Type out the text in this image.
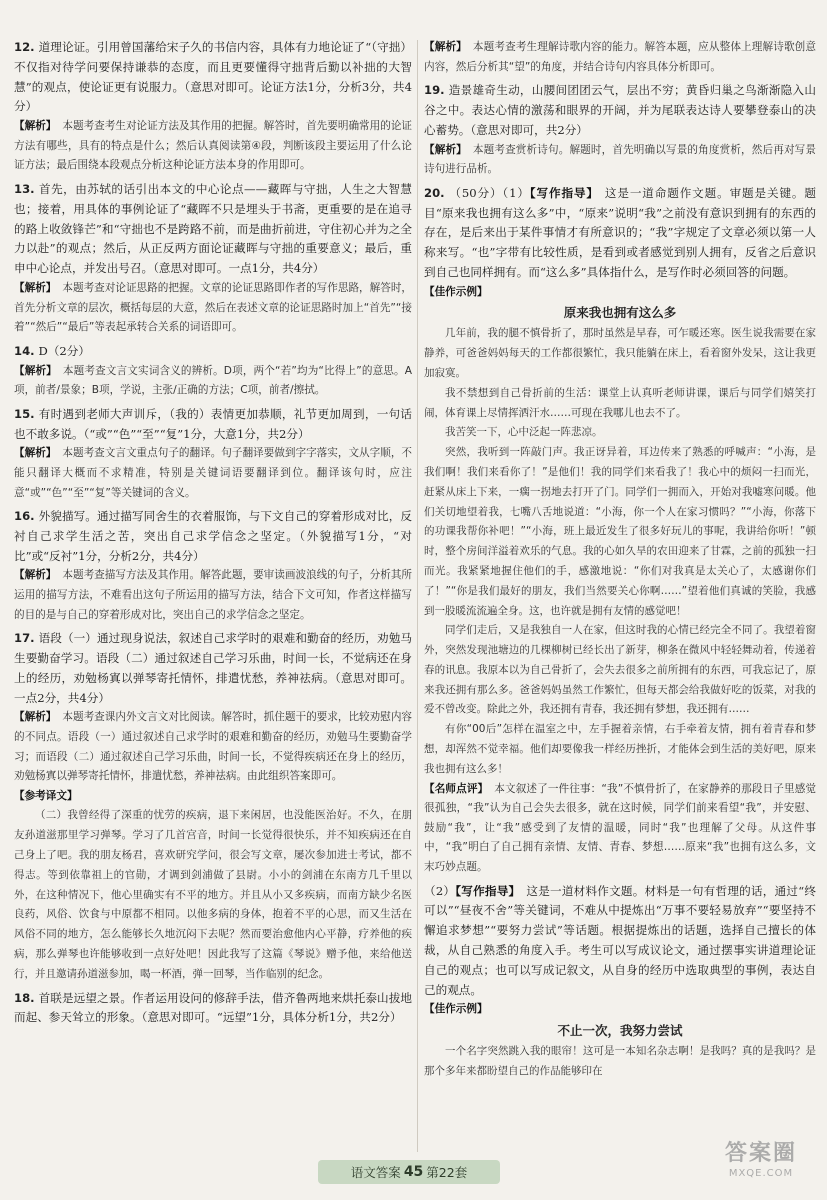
12. 道理论证。引用曾国藩给宋子久的书信内容，具体有力地论证了“（守拙）不仅指对待学问要保持谦恭的态度，而且更要懂得守拙背后勤以补拙的大智慧”的观点，使论证更有说服力。（意思对即可。论证方法1分，分析3分，共4分）

【解析】 本题考查考生对论证方法及其作用的把握。解答时，首先要明确常用的论证方法有哪些，具有的特点是什么；然后认真阅读第④段，判断该段主要运用了什么论证方法；最后围绕本段观点分析这种论证方法本身的作用即可。

13. 首先，由苏轼的话引出本文的中心论点——藏晖与守拙，人生之大智慧也；接着，用具体的事例论证了“藏晖不只是埋头于书斋，更重要的是在追寻的路上收敛锋芒”和“守拙也不是跨路不前，而是曲折前进，守住初心并为之全力以赴”的观点；然后，从正反两方面论证藏晖与守拙的重要意义；最后，重申中心论点，并发出号召。（意思对即可。一点1分，共4分）

【解析】 本题考查对论证思路的把握。文章的论证思路即作者的写作思路，解答时，首先分析文章的层次，概括每层的大意，然后在表述文章的论证思路时加上“首先”“接着”“然后”“最后”等表起承转合关系的词语即可。

14. D（2分）

【解析】 本题考查文言文实词含义的辨析。D项，两个“若”均为“比得上”的意思。A项，前者/景象；B项，学说，主张/正确的方法；C项，前者/擦拭。

15. 有时遇到老师大声训斥，（我的）表情更加恭顺，礼节更加周到，一句话也不敢多说。（“或”“色”“至”“复”1分，大意1分，共2分）

【解析】 本题考查文言文重点句子的翻译。句子翻译要做到字字落实，文从字顺，不能只翻译大概而不求精准，特别是关键词语要翻译到位。翻译该句时，应注意“或”“色”“至”“复”等关键词的含义。

16. 外貌描写。通过描写同舍生的衣着服饰，与下文自己的穿着形成对比，反衬自己求学生活之苦，突出自己求学信念之坚定。（外貌描写1分，“对比”或“反衬”1分，分析2分，共4分）

【解析】 本题考查描写方法及其作用。解答此题，要审读画波浪线的句子，分析其所运用的描写方法，不难看出这句子所运用的描写方法，结合下文可知，作者这样描写的目的是与自己的穿着形成对比，突出自己的求学信念之坚定。

17. 语段（一）通过现身说法，叙述自己求学时的艰难和勤奋的经历，劝勉马生要勤奋学习。语段（二）通过叙述自己学习乐曲，时间一长，不觉病还在身上的经历，劝勉杨寘以弹琴寄托情怀，排遣忧愁，养神祛病。（意思对即可。一点2分，共4分）

【解析】 本题考查课内外文言文对比阅读。解答时，抓住题干的要求，比较劝慰内容的不同点。语段（一）通过叙述自己求学时的艰难和勤奋的经历，劝勉马生要勤奋学习；而语段（二）通过叙述自己学习乐曲，时间一长，不觉得疾病还在身上的经历，劝勉杨寘以弹琴寄托情怀，排遣忧愁，养神祛病。由此组织答案即可。

【参考译文】

（二）我曾经得了深重的忧劳的疾病，退下来闲居，也没能医治好。不久，在朋友孙道滋那里学习弹琴。学习了几首宫音，时间一长觉得很快乐，并不知疾病还在自己身上了吧。我的朋友杨君，喜欢研究学问，很会写文章，屡次参加进士考试，都不得志。等到依靠祖上的官勋，才调到剑浦做了县尉。小小的剑浦在东南方几千里以外，在这种情况下，他心里确实有不平的地方。并且从小又多疾病，而南方缺少名医良药，风俗、饮食与中原都不相同。以他多病的身体，抱着不平的心思，而又生活在风俗不同的地方，怎么能够长久地沉闷下去呢？然而要治愈他内心平静，疗养他的疾病，那么弹琴也许能够收到一点好处吧！因此我写了这篇《琴说》赠予他，来给他送行，并且邀请孙道滋参加，喝一杯酒，弹一回琴，当作临别的纪念。

18. 首联是远望之景。作者运用设问的修辞手法，借齐鲁两地来烘托泰山拔地而起、参天耸立的形象。（意思对即可。“远望”1分，具体分析1分，共2分）

【解析】 本题考查考生理解诗歌内容的能力。解答本题，应从整体上理解诗歌创意内容，然后分析其“望”的角度，并结合诗句内容具体分析即可。

19. 造景雄奇生动，山腰间团团云气，层出不穷；黄昏归巢之鸟渐渐隐入山谷之中。表达心情的激荡和眼界的开阔，并为尾联表达诗人要攀登泰山的决心蓄势。（意思对即可，共2分）

【解析】 本题考查赏析诗句。解题时，首先明确以写景的角度赏析，然后再对写景诗句进行品析。

20. （50分）（1）【写作指导】 这是一道命题作文题。审题是关键。题目“原来我也拥有这么多”中，“原来”说明“我”之前没有意识到拥有的东西的存在，是后来出于某件事情才有所意识的；“我”字规定了文章必须以第一人称来写。“也”字带有比较性质，是看到或者感觉到别人拥有，反省之后意识到自己也同样拥有。而“这么多”具体指什么，是写作时必须回答的问题。

【佳作示例】

原来我也拥有这么多

几年前，我的腿不慎骨折了，那时虽然是早春，可乍暖还寒。医生说我需要在家静养，可爸爸妈妈每天的工作都很繁忙，我只能躺在床上，看着窗外发呆，这让我更加寂寞。

我不禁想到自己骨折前的生活：课堂上认真听老师讲课，课后与同学们嬉笑打闹，体育课上尽情挥洒汗水……可现在我哪儿也去不了。

我苦笑一下，心中泛起一阵悲凉。

突然，我听到一阵敲门声。我正讶异着，耳边传来了熟悉的呼喊声：“小海，是我们啊！我们来看你了！”是他们！我的同学们来看我了！我心中的烦闷一扫而光，赶紧从床上下来，一瘸一拐地去打开了门。同学们一拥而入，开始对我嘘寒问暖。他们关切地望着我，七嘴八舌地说道：“小海，你一个人在家习惯吗？”“小海，你落下的功课我帮你补吧！”“小海，班上最近发生了很多好玩儿的事呢，我讲给你听！”顿时，整个房间洋溢着欢乐的气息。我的心如久旱的农田迎来了甘霖，之前的孤独一扫而光。我紧紧地握住他们的手，感激地说：“你们对我真是太关心了，太感谢你们了！”“你是我们最好的朋友，我们当然要关心你啊……”望着他们真诚的笑脸，我感到一股暖流流遍全身。这，也许就是拥有友情的感觉吧！

同学们走后，又是我独自一人在家，但这时我的心情已经完全不同了。我望着窗外，突然发现池塘边的几棵柳树已经长出了新芽，柳条在微风中轻轻舞动着，传递着春的讯息。我原本以为自己骨折了，会失去很多之前所拥有的东西，可我忘记了，原来我还拥有那么多。爸爸妈妈虽然工作繁忙，但每天都会给我做好吃的饭菜，对我的爱不曾改变。除此之外，我还拥有青春，我还拥有梦想，我还拥有……

有你“00后”怎样在温室之中，左手握着亲情，右手牵着友情，拥有着青春和梦想，却浑然不觉幸福。他们却要像我一样经历挫折，才能体会到生活的美好吧，原来我也拥有这么多！

【名师点评】 本文叙述了一件往事：“我”不慎骨折了，在家静养的那段日子里感觉很孤独，“我”认为自己会失去很多，就在这时候，同学们前来看望“我”，并安慰、鼓励“我”，让“我”感受到了友情的温暖，同时“我”也理解了父母。从这件事中，“我”明白了自己拥有亲情、友情、青春、梦想……原来“我”也拥有这么多，文末巧妙点题。

（2）【写作指导】 这是一道材料作文题。材料是一句有哲理的话，通过“终可以”“昼夜不舍”等关键词，不难从中提炼出“万事不要轻易放弃”“要坚持不懈追求梦想”“要努力尝试”等话题。根据提炼出的话题，选择自己擅长的体裁，从自己熟悉的角度入手。考生可以写成议论文，通过摆事实讲道理论证自己的观点；也可以写成记叙文，从自身的经历中选取典型的事例，表达自己的观点。

【佳作示例】

不止一次，我努力尝试

一个名字突然跳入我的眼帘！这可是一本知名杂志啊！是我吗？真的是我吗？是那个多年来都盼望自己的作品能够印在

语文答案 45 第22套
答案圈
MXQE.COM
